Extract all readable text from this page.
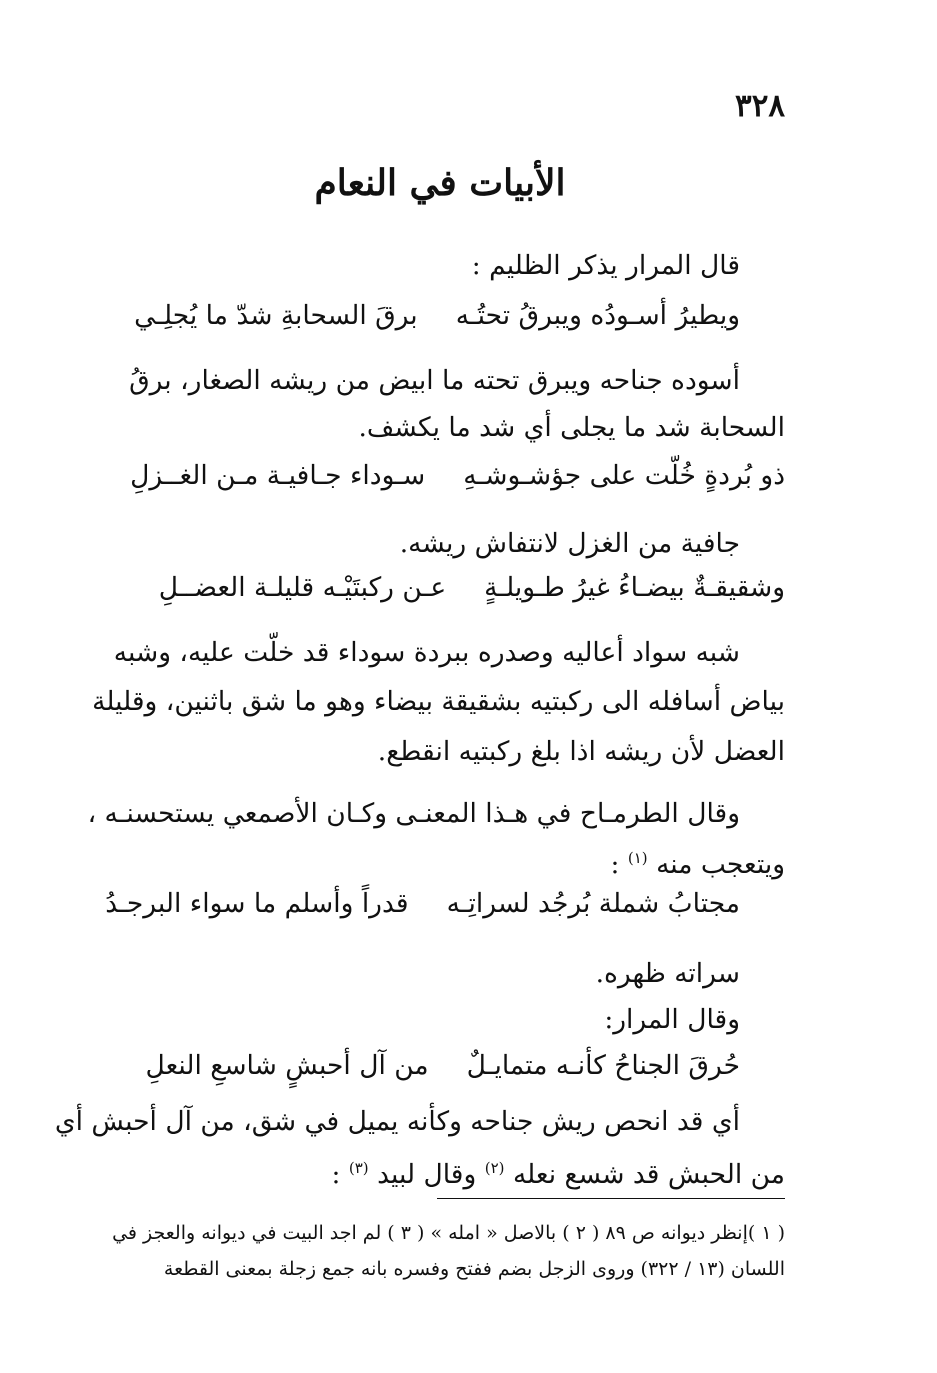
٣٢٨
الأبيات في النعام
قال المرار يذكر الظليم :
ويطيرُ أسـودُه ويبرقُ تحتُـه
برقَ السحابةِ شدّ ما يُجلِـي
أسوده جناحه ويبرق تحته ما ابيض من ريشه الصغار، برقُ
السحابة شد ما يجلى أي شد ما يكشف.
ذو بُردةٍ خُلّت على جؤشـوشـهِ
سـوداء جـافيـة مـن الغــزلِ
جافية من الغزل لانتفاش ريشه.
وشقيقـةٌ بيضـاءُ غيرُ طـويلـةٍ
عـن ركبتَيْـه قليلـة العضــلِ
شبه سواد أعاليه وصدره ببردة سوداء قد خلّت عليه، وشبه
بياض أسافله الى ركبتيه بشقيقة بيضاء وهو ما شق باثنين، وقليلة
العضل لأن ريشه اذا بلغ ركبتيه انقطع.
وقال الطرمـاح في هـذا المعنـى وكـان الأصمعي يستحسنـه ،
ويتعجب منه $^{(١)}$ :
مجتابُ شملة بُرجُد لسراتِـه
قدراً وأسلم ما سواء البرجـدُ
سراته ظهره.
وقال المرار:
حُرقَ الجناحُ كأنـه متمايـلٌ
من آل أحبشٍ شاسعِ النعلِ
أي قد انحص ريش جناحه وكأنه يميل في شق، من آل أحبش أي
من الحبش قد شسع نعله $^{(٢)}$ وقال لبيد $^{(٣)}$ :
( ١ )إنظر ديوانه ص ٨٩ ( ٢ ) بالاصل « امله » ( ٣ ) لم اجد البيت في ديوانه والعجز في
اللسان (١٣ / ٣٢٢) وروى الزجل بضم ففتح وفسره بانه جمع زجلة بمعنى القطعة
